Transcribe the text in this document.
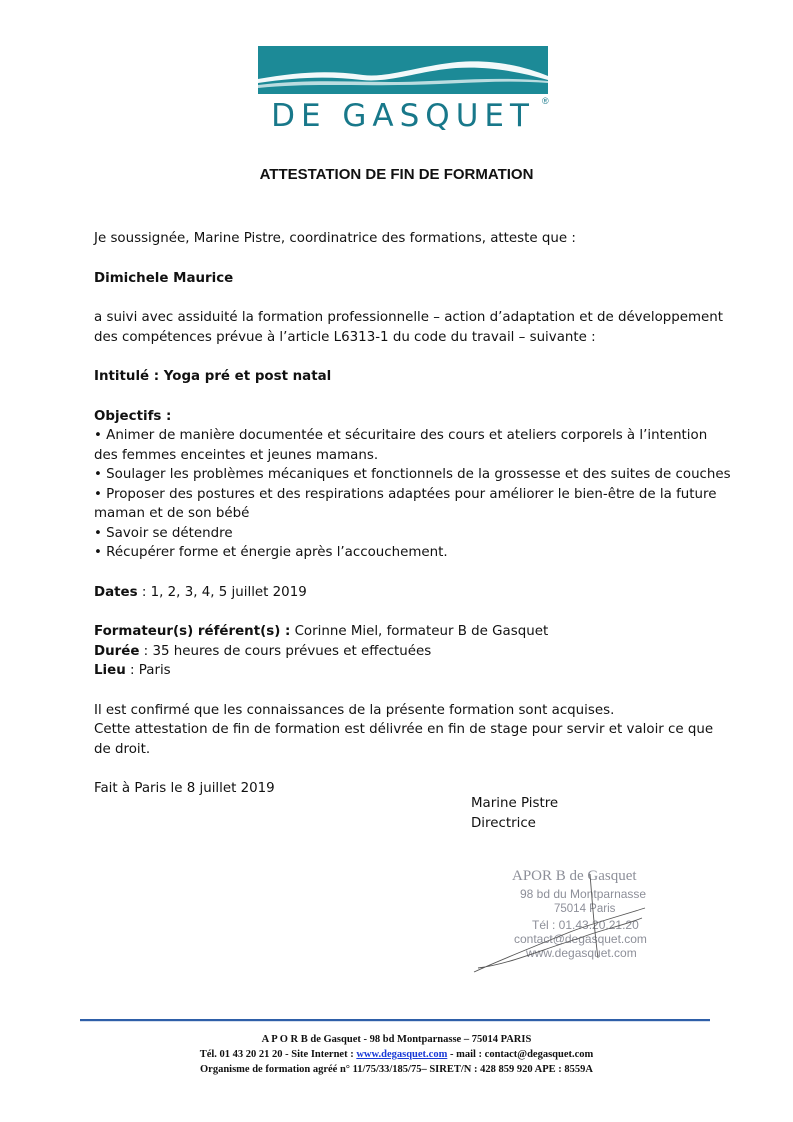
DE GASQUET ®
ATTESTATION DE FIN DE FORMATION

Je soussignée, Marine Pistre, coordinatrice des formations, atteste que :

Dimichele Maurice

a suivi avec assiduité la formation professionnelle – action d’adaptation et de développement des compétences prévue à l’article L6313-1 du code du travail – suivante :

Intitulé : Yoga pré et post natal

Objectifs :

• Animer de manière documentée et sécuritaire des cours et ateliers corporels à l’intention des femmes enceintes et jeunes mamans.

• Soulager les problèmes mécaniques et fonctionnels de la grossesse et des suites de couches

• Proposer des postures et des respirations adaptées pour améliorer le bien-être de la future maman et de son bébé

• Savoir se détendre

• Récupérer forme et énergie après l’accouchement.

Dates : 1, 2, 3, 4, 5 juillet 2019

Formateur(s) référent(s) : Corinne Miel, formateur B de Gasquet

Durée : 35 heures de cours prévues et effectuées

Lieu : Paris

Il est confirmé que les connaissances de la présente formation sont acquises.

Cette attestation de fin de formation est délivrée en fin de stage pour servir et valoir ce que de droit.

Fait à Paris le 8 juillet 2019

Marine Pistre
Directrice
APOR B de Gasquet
98 bd du Montparnasse
75014 Paris
Tél : 01.43.20.21.20
contact@degasquet.com
www.degasquet.com
A P O R B de Gasquet - 98 bd Montparnasse – 75014 PARIS
Tél. 01 43 20 21 20 - Site Internet : www.degasquet.com - mail : contact@degasquet.com
Organisme de formation agréé n° 11/75/33/185/75– SIRET/N : 428 859 920 APE : 8559A
